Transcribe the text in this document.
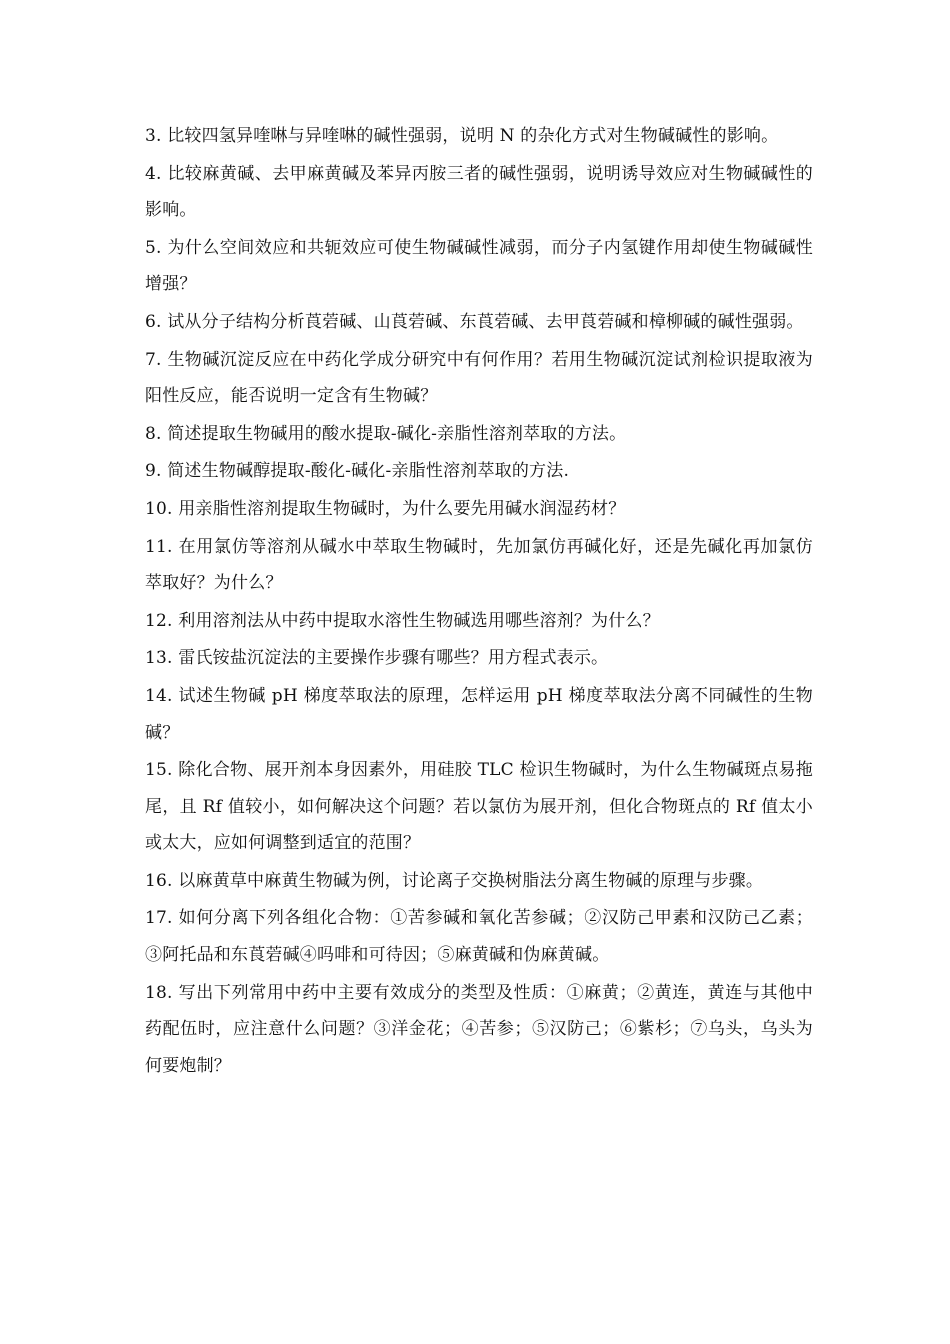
3. 比较四氢异喹啉与异喹啉的碱性强弱，说明 N 的杂化方式对生物碱碱性的影响。

4. 比较麻黄碱、去甲麻黄碱及苯异丙胺三者的碱性强弱，说明诱导效应对生物碱碱性的影响。

5. 为什么空间效应和共轭效应可使生物碱碱性减弱，而分子内氢键作用却使生物碱碱性增强？

6. 试从分子结构分析莨菪碱、山莨菪碱、东莨菪碱、去甲莨菪碱和樟柳碱的碱性强弱。

7. 生物碱沉淀反应在中药化学成分研究中有何作用？若用生物碱沉淀试剂检识提取液为阳性反应，能否说明一定含有生物碱？

8. 简述提取生物碱用的酸水提取-碱化-亲脂性溶剂萃取的方法。

9. 简述生物碱醇提取-酸化-碱化-亲脂性溶剂萃取的方法.

10. 用亲脂性溶剂提取生物碱时，为什么要先用碱水润湿药材？

11. 在用氯仿等溶剂从碱水中萃取生物碱时，先加氯仿再碱化好，还是先碱化再加氯仿萃取好？为什么？

12. 利用溶剂法从中药中提取水溶性生物碱选用哪些溶剂？为什么？

13. 雷氏铵盐沉淀法的主要操作步骤有哪些？用方程式表示。

14. 试述生物碱 pH 梯度萃取法的原理，怎样运用 pH 梯度萃取法分离不同碱性的生物碱？

15. 除化合物、展开剂本身因素外，用硅胶 TLC 检识生物碱时，为什么生物碱斑点易拖尾，且 Rf 值较小，如何解决这个问题？若以氯仿为展开剂，但化合物斑点的 Rf 值太小或太大，应如何调整到适宜的范围？

16. 以麻黄草中麻黄生物碱为例，讨论离子交换树脂法分离生物碱的原理与步骤。

17. 如何分离下列各组化合物：①苦参碱和氧化苦参碱；②汉防己甲素和汉防己乙素；③阿托品和东莨菪碱④吗啡和可待因；⑤麻黄碱和伪麻黄碱。

18. 写出下列常用中药中主要有效成分的类型及性质：①麻黄；②黄连，黄连与其他中药配伍时，应注意什么问题？③洋金花；④苦参；⑤汉防己；⑥紫杉；⑦乌头，乌头为何要炮制？
